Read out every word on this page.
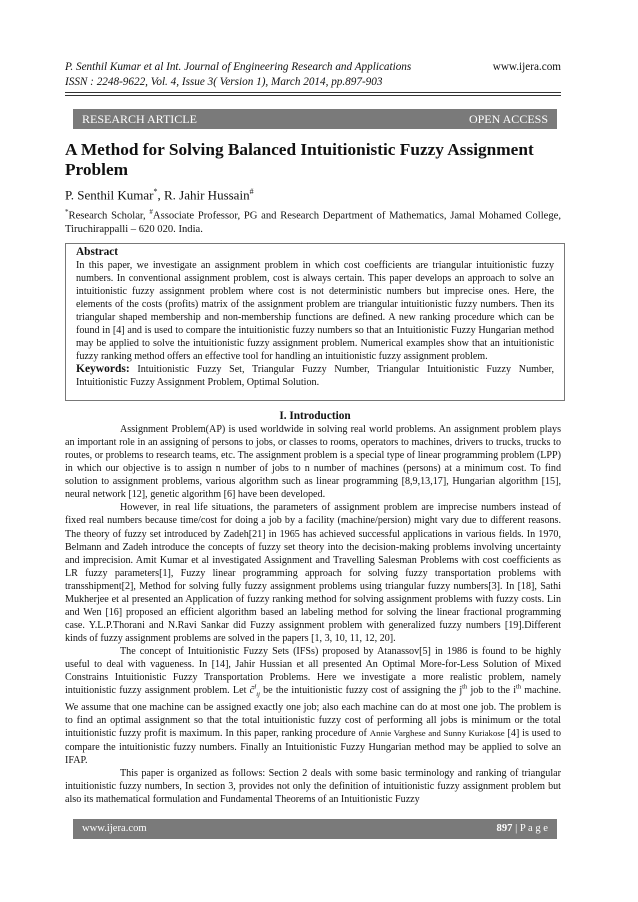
P. Senthil Kumar et al Int. Journal of Engineering Research and Applications
ISSN : 2248-9622, Vol. 4, Issue 3( Version 1), March 2014, pp.897-903
www.ijera.com
RESEARCH ARTICLE	OPEN ACCESS
A Method for Solving Balanced Intuitionistic Fuzzy Assignment Problem
P. Senthil Kumar*, R. Jahir Hussain#
*Research Scholar, #Associate Professor, PG and Research Department of Mathematics, Jamal Mohamed College, Tiruchirappalli – 620 020. India.
Abstract
In this paper, we investigate an assignment problem in which cost coefficients are triangular intuitionistic fuzzy numbers. In conventional assignment problem, cost is always certain. This paper develops an approach to solve an intuitionistic fuzzy assignment problem where cost is not deterministic numbers but imprecise ones. Here, the elements of the costs (profits) matrix of the assignment problem are triangular intuitionistic fuzzy numbers. Then its triangular shaped membership and non-membership functions are defined. A new ranking procedure which can be found in [4] and is used to compare the intuitionistic fuzzy numbers so that an Intuitionistic Fuzzy Hungarian method may be applied to solve the intuitionistic fuzzy assignment problem. Numerical examples show that an intuitionistic fuzzy ranking method offers an effective tool for handling an intuitionistic fuzzy assignment problem.
Keywords: Intuitionistic Fuzzy Set, Triangular Fuzzy Number, Triangular Intuitionistic Fuzzy Number, Intuitionistic Fuzzy Assignment Problem, Optimal Solution.
I. Introduction

Assignment Problem(AP) is used worldwide in solving real world problems. An assignment problem plays an important role in an assigning of persons to jobs, or classes to rooms, operators to machines, drivers to trucks, trucks to routes, or problems to research teams, etc. The assignment problem is a special type of linear programming problem (LPP) in which our objective is to assign n number of jobs to n number of machines (persons) at a minimum cost. To find solution to assignment problems, various algorithm such as linear programming [8,9,13,17], Hungarian algorithm [15], neural network [12], genetic algorithm [6] have been developed.

However, in real life situations, the parameters of assignment problem are imprecise numbers instead of fixed real numbers because time/cost for doing a job by a facility (machine/persion) might vary due to different reasons. The theory of fuzzy set introduced by Zadeh[21] in 1965 has achieved successful applications in various fields. In 1970, Belmann and Zadeh introduce the concepts of fuzzy set theory into the decision-making problems involving uncertainty and imprecision. Amit Kumar et al investigated Assignment and Travelling Salesman Problems with cost coefficients as LR fuzzy parameters[1], Fuzzy linear programming approach for solving fuzzy transportation problems with transshipment[2], Method for solving fully fuzzy assignment problems using triangular fuzzy numbers[3]. In [18], Sathi Mukherjee et al presented an Application of fuzzy ranking method for solving assignment problems with fuzzy costs. Lin and Wen [16] proposed an efficient algorithm based an labeling method for solving the linear fractional programming case. Y.L.P.Thorani and N.Ravi Sankar did Fuzzy assignment problem with generalized fuzzy numbers [19].Different kinds of fuzzy assignment problems are solved in the papers [1, 3, 10, 11, 12, 20].

The concept of Intuitionistic Fuzzy Sets (IFSs) proposed by Atanassov[5] in 1986 is found to be highly useful to deal with vagueness. In [14], Jahir Hussian et all presented An Optimal More-for-Less Solution of Mixed Constrains Intuitionistic Fuzzy Transportation Problems. Here we investigate a more realistic problem, namely intuitionistic fuzzy assignment problem. Let c̃$^I_{ij}$ be the intuitionistic fuzzy cost of assigning the $j^{th}$ job to the $i^{th}$ machine. We assume that one machine can be assigned exactly one job; also each machine can do at most one job. The problem is to find an optimal assignment so that the total intuitionistic fuzzy cost of performing all jobs is minimum or the total intuitionistic fuzzy profit is maximum. In this paper, ranking procedure of Annie Varghese and Sunny Kuriakose [4] is used to compare the intuitionistic fuzzy numbers. Finally an Intuitionistic Fuzzy Hungarian method may be applied to solve an IFAP.

This paper is organized as follows: Section 2 deals with some basic terminology and ranking of triangular intuitionistic fuzzy numbers, In section 3, provides not only the definition of intuitionistic fuzzy assignment problem but also its mathematical formulation and Fundamental Theorems of an Intuitionistic Fuzzy

www.ijera.com	897 | P a g e
